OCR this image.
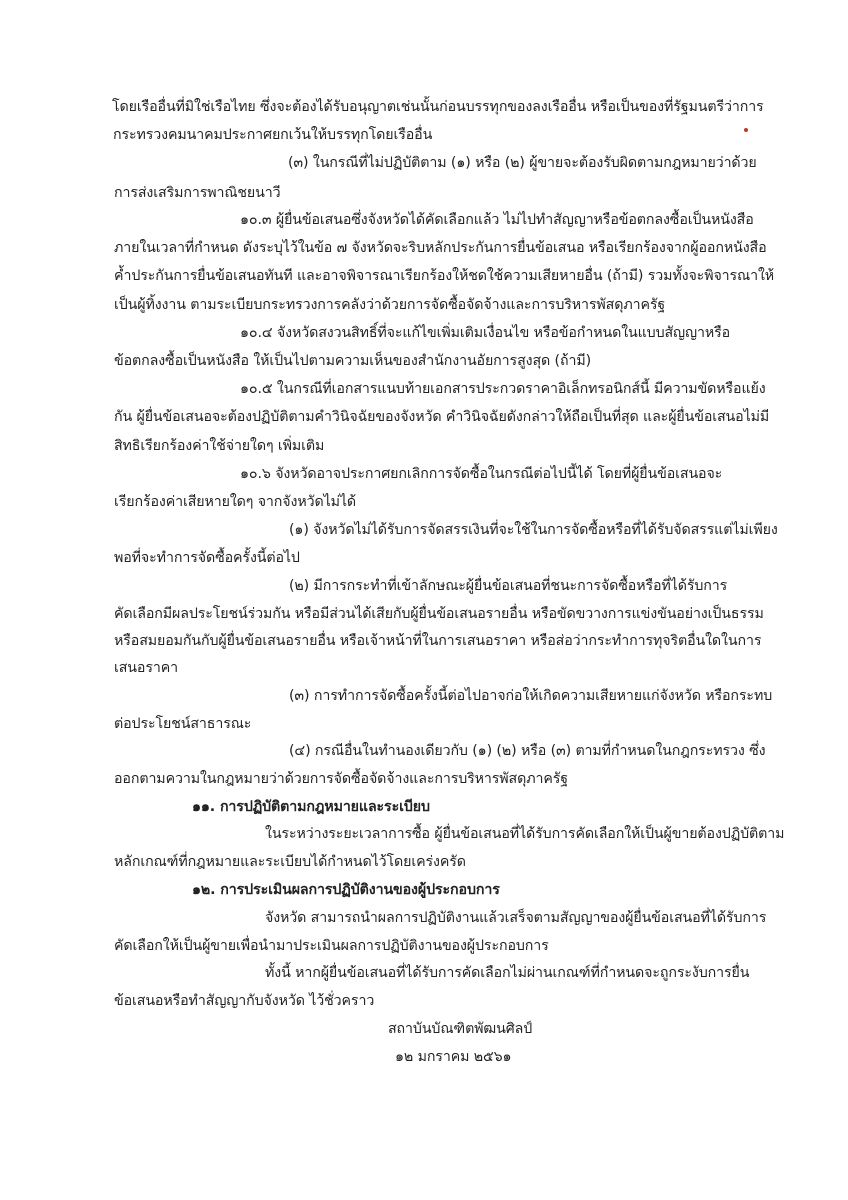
โดยเรืออื่นที่มิใช่เรือไทย ซึ่งจะต้องได้รับอนุญาตเช่นนั้นก่อนบรรทุกของลงเรืออื่น หรือเป็นของที่รัฐมนตรีว่าการ
กระทรวงคมนาคมประกาศยกเว้นให้บรรทุกโดยเรืออื่น
(๓) ในกรณีที่ไม่ปฏิบัติตาม (๑) หรือ (๒) ผู้ขายจะต้องรับผิดตามกฎหมายว่าด้วย
การส่งเสริมการพาณิชยนาวี
๑๐.๓ ผู้ยื่นข้อเสนอซึ่งจังหวัดได้คัดเลือกแล้ว ไม่ไปทำสัญญาหรือข้อตกลงซื้อเป็นหนังสือ
ภายในเวลาที่กำหนด ดังระบุไว้ในข้อ ๗ จังหวัดจะริบหลักประกันการยื่นข้อเสนอ หรือเรียกร้องจากผู้ออกหนังสือ
ค้ำประกันการยื่นข้อเสนอทันที และอาจพิจารณาเรียกร้องให้ชดใช้ความเสียหายอื่น (ถ้ามี) รวมทั้งจะพิจารณาให้
เป็นผู้ทิ้งงาน ตามระเบียบกระทรวงการคลังว่าด้วยการจัดซื้อจัดจ้างและการบริหารพัสดุภาครัฐ
๑๐.๔ จังหวัดสงวนสิทธิ์ที่จะแก้ไขเพิ่มเติมเงื่อนไข หรือข้อกำหนดในแบบสัญญาหรือ
ข้อตกลงซื้อเป็นหนังสือ ให้เป็นไปตามความเห็นของสำนักงานอัยการสูงสุด (ถ้ามี)
๑๐.๕ ในกรณีที่เอกสารแนบท้ายเอกสารประกวดราคาอิเล็กทรอนิกส์นี้ มีความขัดหรือแย้ง
กัน ผู้ยื่นข้อเสนอจะต้องปฏิบัติตามคำวินิจฉัยของจังหวัด คำวินิจฉัยดังกล่าวให้ถือเป็นที่สุด และผู้ยื่นข้อเสนอไม่มี
สิทธิเรียกร้องค่าใช้จ่ายใดๆ เพิ่มเติม
๑๐.๖ จังหวัดอาจประกาศยกเลิกการจัดซื้อในกรณีต่อไปนี้ได้ โดยที่ผู้ยื่นข้อเสนอจะ
เรียกร้องค่าเสียหายใดๆ จากจังหวัดไม่ได้
(๑) จังหวัดไม่ได้รับการจัดสรรเงินที่จะใช้ในการจัดซื้อหรือที่ได้รับจัดสรรแต่ไม่เพียง
พอที่จะทำการจัดซื้อครั้งนี้ต่อไป
(๒) มีการกระทำที่เข้าลักษณะผู้ยื่นข้อเสนอที่ชนะการจัดซื้อหรือที่ได้รับการ
คัดเลือกมีผลประโยชน์ร่วมกัน หรือมีส่วนได้เสียกับผู้ยื่นข้อเสนอรายอื่น หรือขัดขวางการแข่งขันอย่างเป็นธรรม
หรือสมยอมกันกับผู้ยื่นข้อเสนอรายอื่น หรือเจ้าหน้าที่ในการเสนอราคา หรือส่อว่ากระทำการทุจริตอื่นใดในการ
เสนอราคา
(๓) การทำการจัดซื้อครั้งนี้ต่อไปอาจก่อให้เกิดความเสียหายแก่จังหวัด หรือกระทบ
ต่อประโยชน์สาธารณะ
(๔) กรณีอื่นในทำนองเดียวกับ (๑) (๒) หรือ (๓) ตามที่กำหนดในกฎกระทรวง ซึ่ง
ออกตามความในกฎหมายว่าด้วยการจัดซื้อจัดจ้างและการบริหารพัสดุภาครัฐ
๑๑. การปฏิบัติตามกฎหมายและระเบียบ
ในระหว่างระยะเวลาการซื้อ ผู้ยื่นข้อเสนอที่ได้รับการคัดเลือกให้เป็นผู้ขายต้องปฏิบัติตาม
หลักเกณฑ์ที่กฎหมายและระเบียบได้กำหนดไว้โดยเคร่งครัด
๑๒. การประเมินผลการปฏิบัติงานของผู้ประกอบการ
จังหวัด สามารถนำผลการปฏิบัติงานแล้วเสร็จตามสัญญาของผู้ยื่นข้อเสนอที่ได้รับการ
คัดเลือกให้เป็นผู้ขายเพื่อนำมาประเมินผลการปฏิบัติงานของผู้ประกอบการ
ทั้งนี้ หากผู้ยื่นข้อเสนอที่ได้รับการคัดเลือกไม่ผ่านเกณฑ์ที่กำหนดจะถูกระงับการยื่น
ข้อเสนอหรือทำสัญญากับจังหวัด ไว้ชั่วคราว
สถาบันบัณฑิตพัฒนศิลป์
๑๒ มกราคม ๒๕๖๑
